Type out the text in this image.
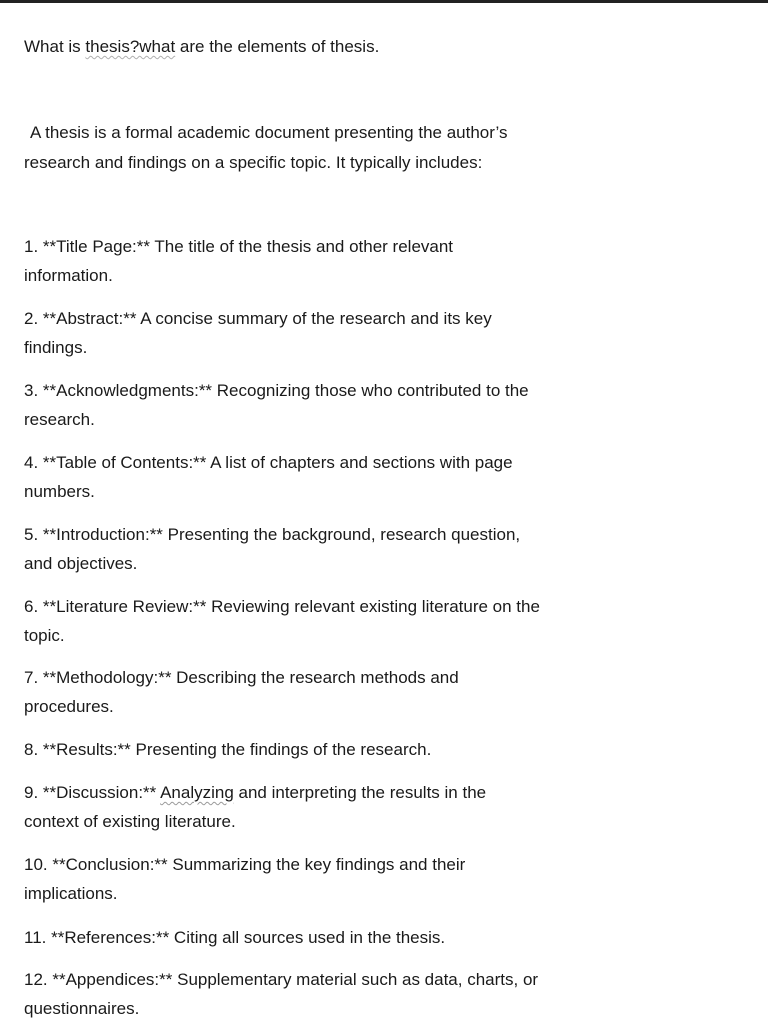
What is thesis?what are the elements of thesis.
A thesis is a formal academic document presenting the author’s
research and findings on a specific topic. It typically includes:
1. **Title Page:** The title of the thesis and other relevant
information.
2. **Abstract:** A concise summary of the research and its key
findings.
3. **Acknowledgments:** Recognizing those who contributed to the
research.
4. **Table of Contents:** A list of chapters and sections with page
numbers.
5. **Introduction:** Presenting the background, research question,
and objectives.
6. **Literature Review:** Reviewing relevant existing literature on the
topic.
7. **Methodology:** Describing the research methods and
procedures.
8. **Results:** Presenting the findings of the research.
9. **Discussion:** Analyzing and interpreting the results in the
context of existing literature.
10. **Conclusion:** Summarizing the key findings and their
implications.
11. **References:** Citing all sources used in the thesis.
12. **Appendices:** Supplementary material such as data, charts, or
questionnaires.
